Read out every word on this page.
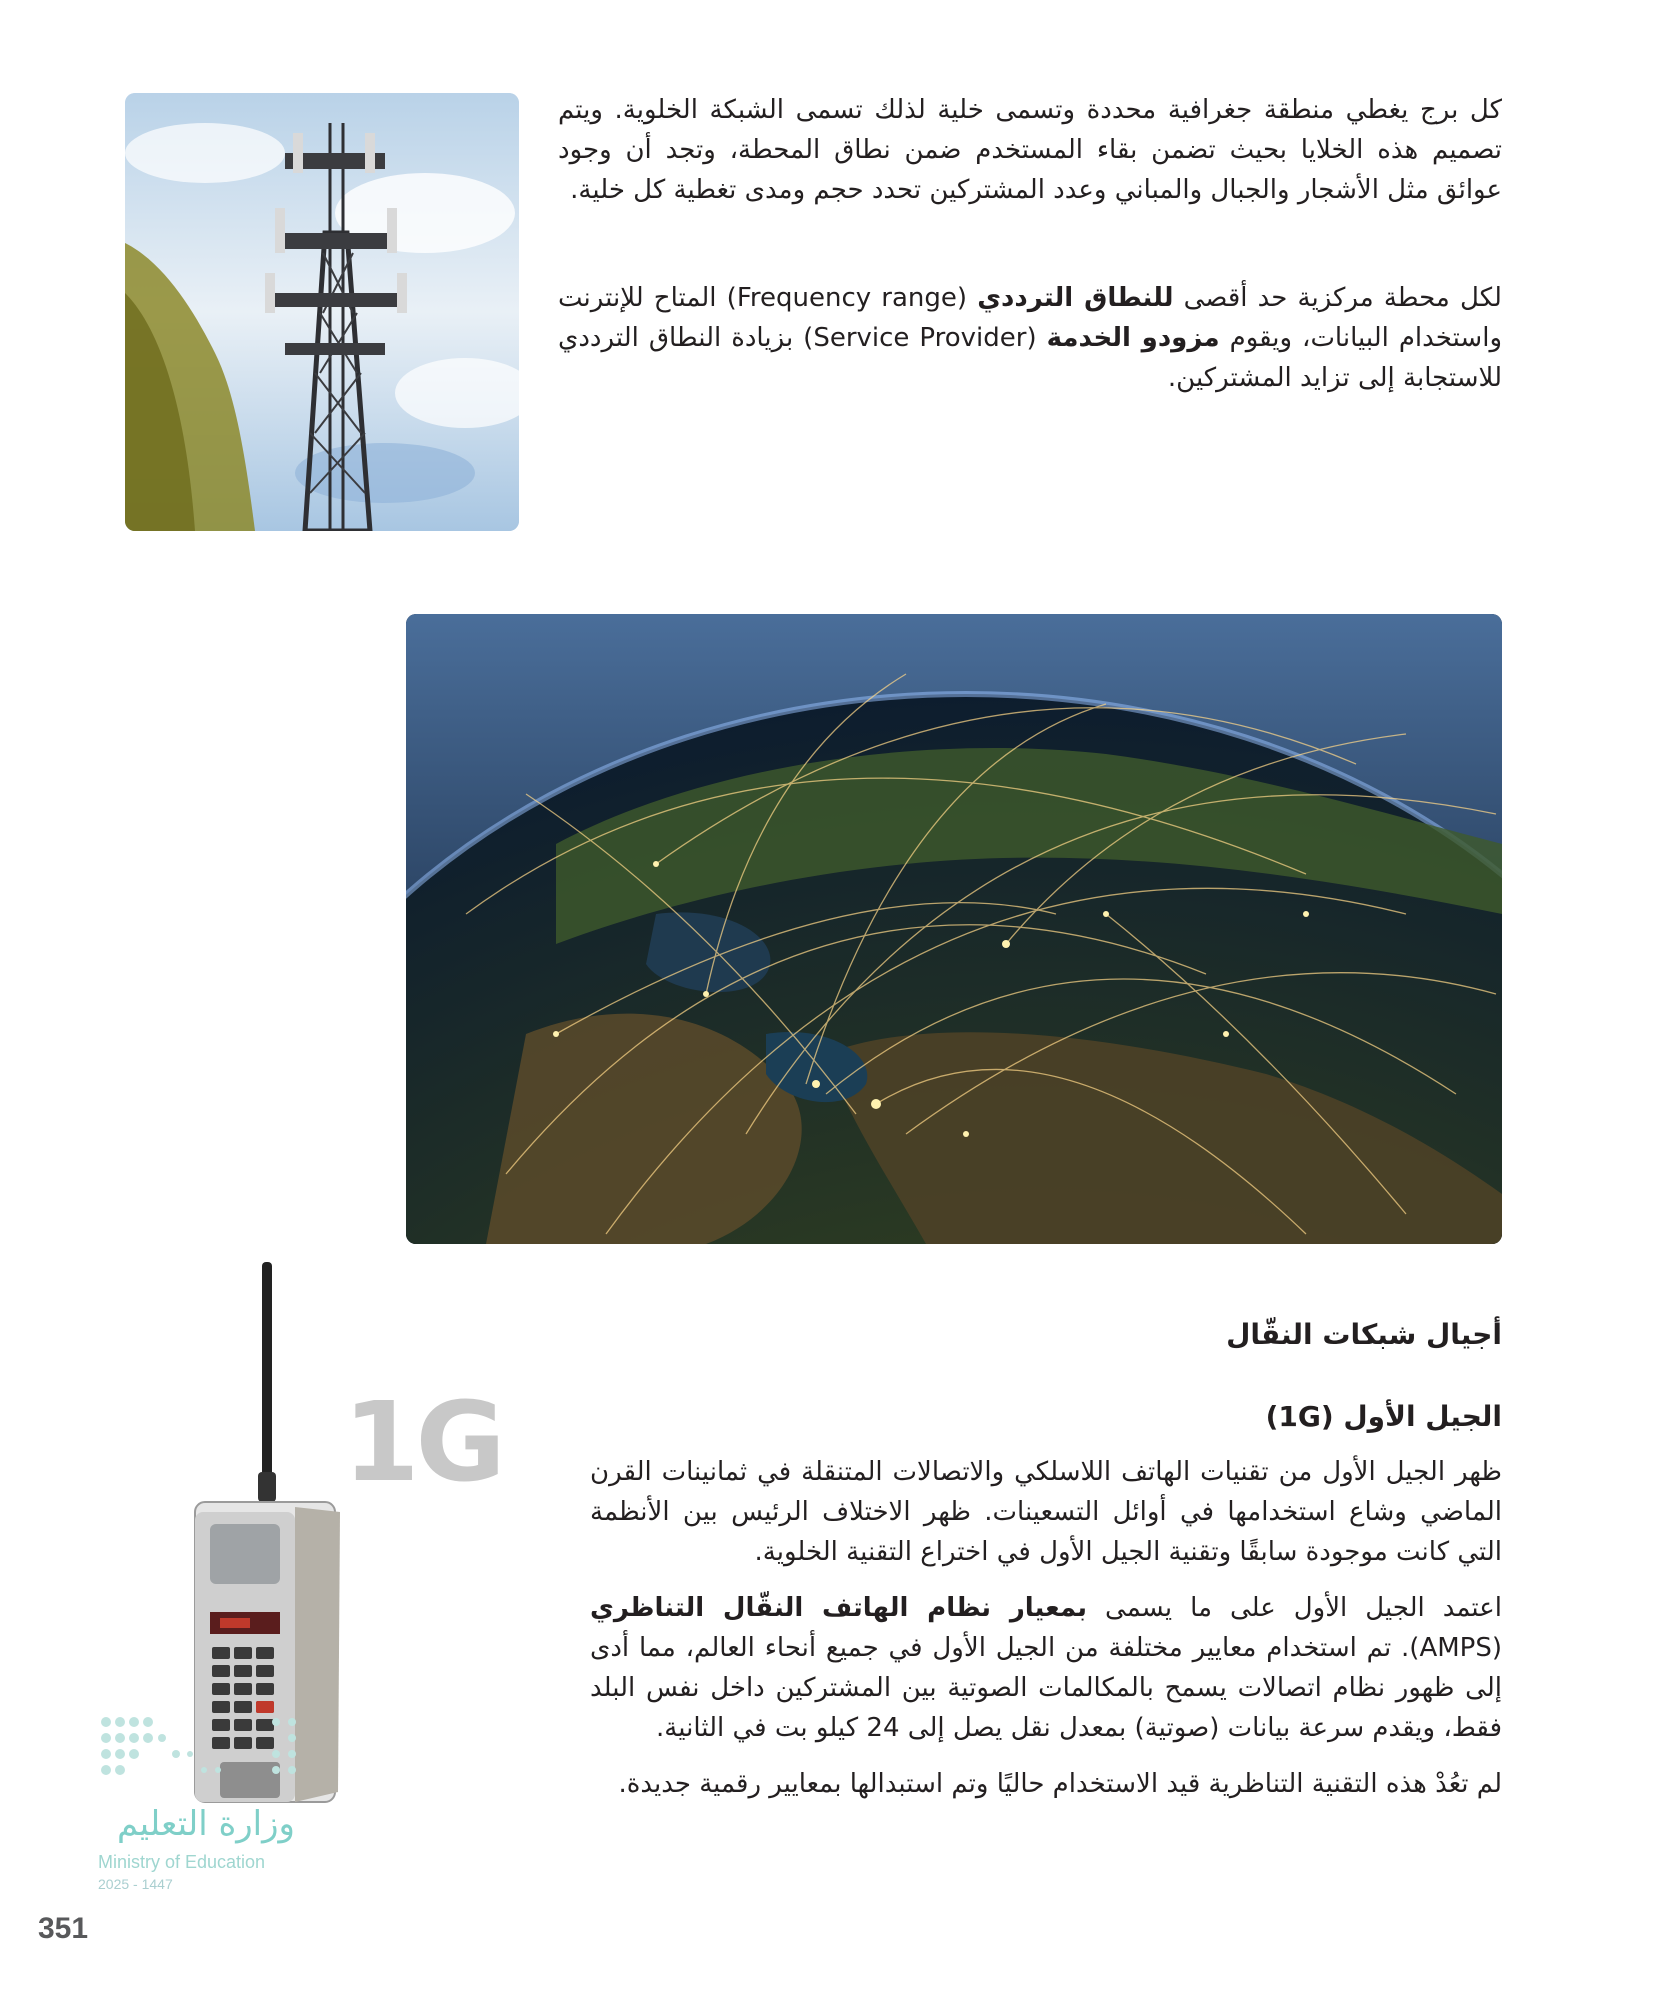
كل برج يغطي منطقة جغرافية محددة وتسمى خلية لذلك تسمى الشبكة الخلوية. ويتم تصميم هذه الخلايا بحيث تضمن بقاء المستخدم ضمن نطاق المحطة، وتجد أن وجود عوائق مثل الأشجار والجبال والمباني وعدد المشتركين تحدد حجم ومدى تغطية كل خلية.

لكل محطة مركزية حد أقصى للنطاق الترددي (Frequency range) المتاح للإنترنت واستخدام البيانات، ويقوم مزودو الخدمة (Service Provider) بزيادة النطاق الترددي للاستجابة إلى تزايد المشتركين.

أجيال شبكات النقّال
الجيل الأول (1G)
1G	ظهر الجيل الأول من تقنيات الهاتف اللاسلكي والاتصالات المتنقلة في ثمانينات القرن الماضي وشاع استخدامها في أوائل التسعينات. ظهر الاختلاف الرئيس بين الأنظمة التي كانت موجودة سابقًا وتقنية الجيل الأول في اختراع التقنية الخلوية.

اعتمد الجيل الأول على ما يسمى بمعيار نظام الهاتف النقّال التناظري (AMPS). تم استخدام معايير مختلفة من الجيل الأول في جميع أنحاء العالم، مما أدى إلى ظهور نظام اتصالات يسمح بالمكالمات الصوتية بين المشتركين داخل نفس البلد فقط، ويقدم سرعة بيانات (صوتية) بمعدل نقل يصل إلى 24 كيلو بت في الثانية.

لم تعُدْ هذه التقنية التناظرية قيد الاستخدام حاليًا وتم استبدالها بمعايير رقمية جديدة.

وزارة التعليم
Ministry of Education
2025 - 1447
351
